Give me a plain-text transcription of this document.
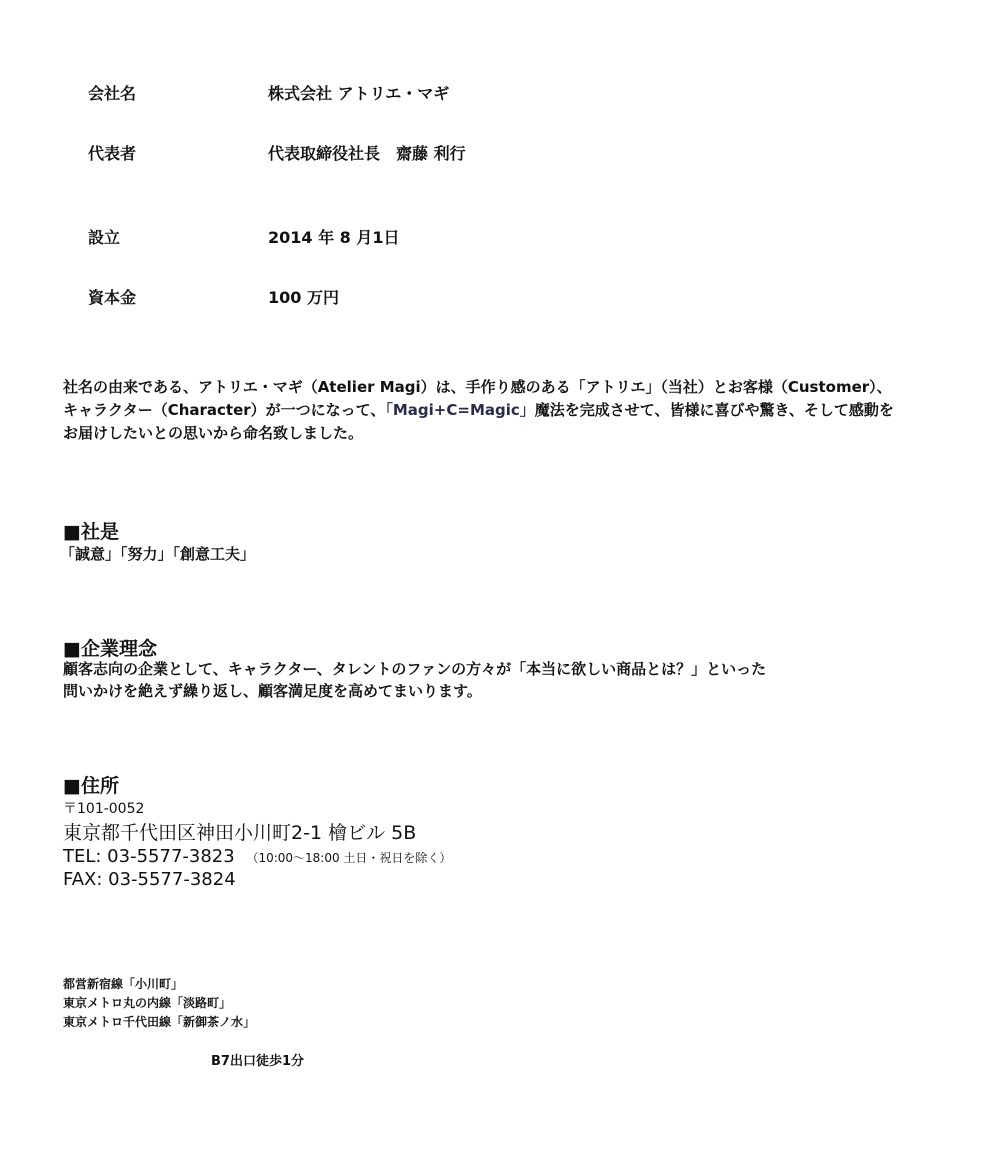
会社名	株式会社 アトリエ・マギ
代表者	代表取締役社長　齋藤 利行
設立	2014 年 8 月1日
資本金	100 万円
社名の由来である、アトリエ・マギ（Atelier Magi）は、手作り感のある「アトリエ」（当社）とお客様（Customer）、
キャラクター（Character）が一つになって、「Magi+C=Magic」魔法を完成させて、皆様に喜びや驚き、そして感動を
お届けしたいとの思いから命名致しました。
■社是
「誠意」「努力」「創意工夫」
■企業理念
顧客志向の企業として、キャラクター、タレントのファンの方々が「本当に欲しい商品とは？」といった
問いかけを絶えず繰り返し、顧客満足度を高めてまいります。
■住所
〒101-0052
東京都千代田区神田小川町2-1 檜ビル 5B
TEL: 03-5577-3823 （10:00～18:00 土日・祝日を除く）
FAX: 03-5577-3824
都営新宿線「小川町」
東京メトロ丸の内線「淡路町」
東京メトロ千代田線「新御茶ノ水」
B7出口徒歩1分
